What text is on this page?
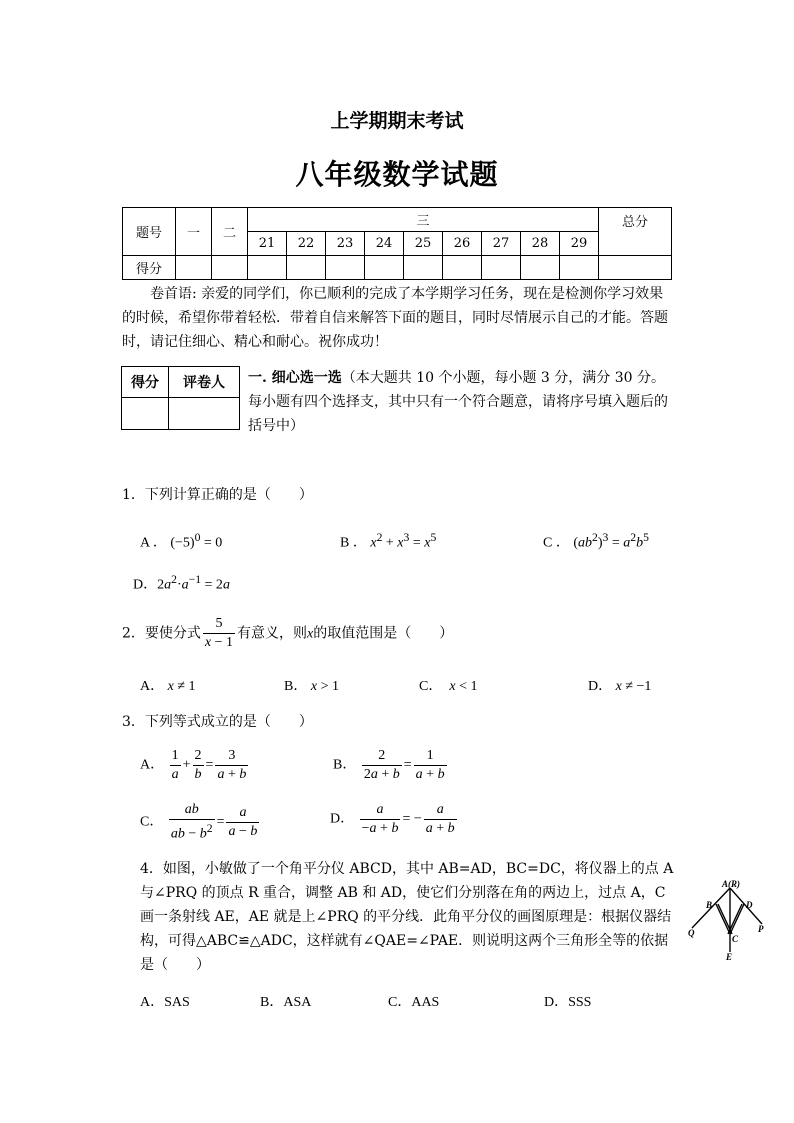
上学期期末考试
八年级数学试题
题号	一	二	三									总分
			21	22	23	24	25	26	27	28	29	
得分												
卷首语: 亲爱的同学们，你已顺利的完成了本学期学习任务，现在是检测你学习效果的时候，希望你带着轻松．带着自信来解答下面的题目，同时尽情展示自己的才能。答题时，请记住细心、精心和耐心。祝你成功！
得分	评卷人
	一. 细心选一选（本大题共 10 个小题，每小题 3 分，满分 30 分。每小题有四个选择支，其中只有一个符合题意，请将序号填入题后的括号中）
1．下列计算正确的是（　　）
A ． $(-5)^0 = 0$	B ． $x^2 + x^3 = x^5$	C ． $(ab^2)^3 = a^2b^5$
D．$2a^2\cdot a^{-1} = 2a$
2．要使分式 $\frac{5}{x - 1}$ 有意义，则x的取值范围是（　　）
A． x ≠ 1	B． x > 1	C． x < 1	D． x ≠ −1
3．下列等式成立的是（　　）
A． $\frac{1}{a} + \frac{2}{b} = \frac{3}{a + b}$	B． $\frac{2}{2a + b} = \frac{1}{a + b}$
C． $\frac{ab}{ab - b^2} = \frac{a}{a - b}$	D． $\frac{a}{-a + b}$ = − $\frac{a}{a + b}$
4．如图，小敏做了一个角平分仪 ABCD，其中 AB=AD，BC=DC，将仪器上的点 A 与∠PRQ 的顶点 R 重合，调整 AB 和 AD，使它们分别落在角的两边上，过点 A，C 画一条射线 AE，AE 就是上∠PRQ 的平分线．此角平分仪的画图原理是：根据仪器结构，可得△ABC≌△ADC，这样就有∠QAE=∠PAE．则说明这两个三角形全等的依据是（　　）
A(R)
B	D
C
E
Q	P
A．SAS	B．ASA	C．AAS	D．SSS
